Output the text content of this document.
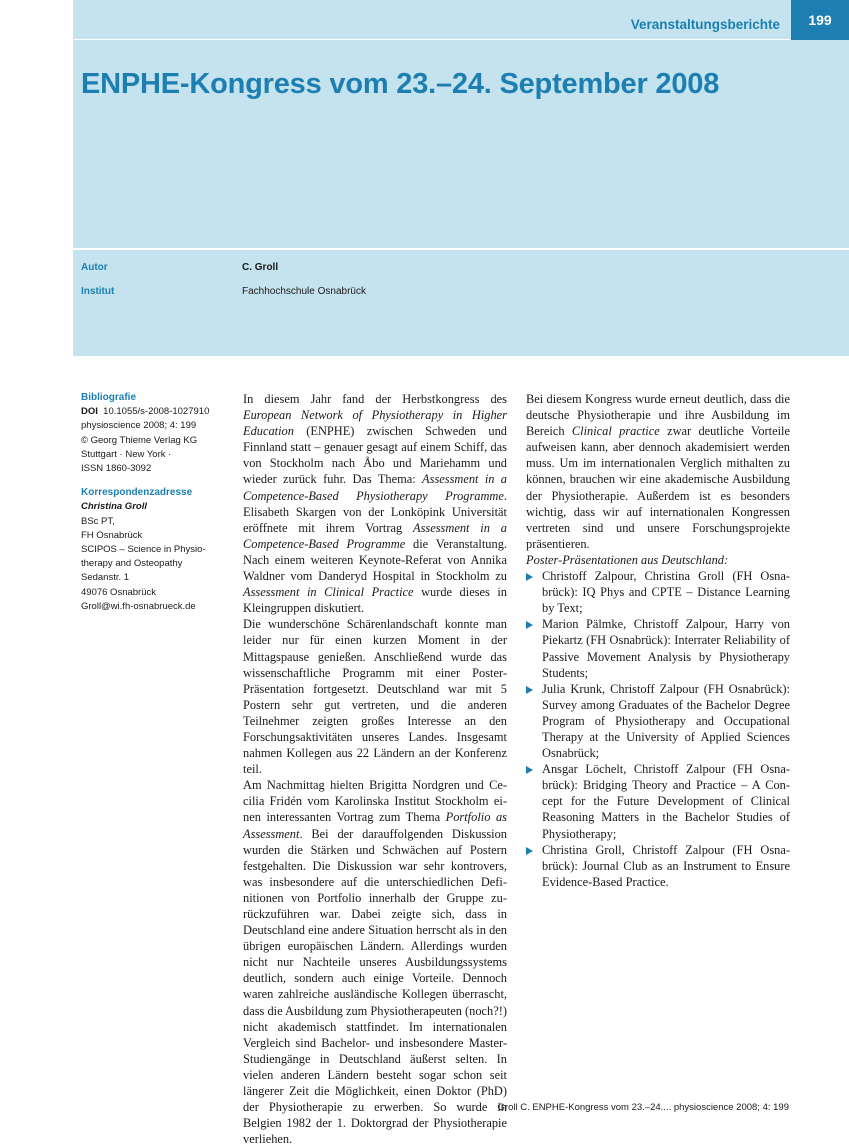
Veranstaltungsberichte	199
ENPHE-Kongress vom 23.–24. September 2008
Autor	C. Groll
Institut	Fachhochschule Osnabrück
Bibliografie
DOI 10.1055/s-2008-1027910
physioscience 2008; 4: 199
© Georg Thieme Verlag KG
Stuttgart · New York ·
ISSN 1860-3092
Korrespondenzadresse
Christina Groll
BSc PT,
FH Osnabrück
SCIPOS – Science in Physio-
therapy and Osteopathy
Sedanstr. 1
49076 Osnabrück
Groll@wi.fh-osnabrueck.de

In diesem Jahr fand der Herbstkongress des European Network of Physiotherapy in Higher Education (ENPHE) zwischen Schweden und Finnland statt – genauer gesagt auf einem Schiff, das von Stockholm nach Åbo und Mariehamm und wieder zurück fuhr. Das Thema: Assessment in a Competence-Based Physiotherapy Programme. Elisabeth Skargen von der Lonköpink Universität eröffnete mit ihrem Vortrag Assessment in a Competence-Based Programme die Veranstaltung. Nach einem weiteren Keynote-Referat von Annika Waldner vom Danderyd Hospital in Stockholm zu Assessment in Clinical Practice wurde dieses in Kleingruppen diskutiert.

Die wunderschöne Schärenlandschaft konnte man leider nur für einen kurzen Moment in der Mittagspause genießen. Anschließend wurde das wissenschaftliche Programm mit einer Poster-Präsentation fortgesetzt. Deutschland war mit 5 Postern sehr gut vertreten, und die anderen Teilnehmer zeigten großes Interesse an den Forschungsaktivitäten unseres Landes. Insgesamt nahmen Kollegen aus 22 Ländern an der Konferenz teil.

Am Nachmittag hielten Brigitta Nordgren und Cecilia Fridén vom Karolinska Institut Stockholm einen interessanten Vortrag zum Thema Portfolio as Assessment. Bei der darauffolgenden Diskussion wurden die Stärken und Schwächen auf Postern festgehalten. Die Diskussion war sehr kontrovers, was insbesondere auf die unterschiedlichen Definitionen von Portfolio innerhalb der Gruppe zurückzuführen war. Dabei zeigte sich, dass in Deutschland eine andere Situation herrscht als in den übrigen europäischen Ländern. Allerdings wurden nicht nur Nachteile unseres Ausbildungssystems deutlich, sondern auch einige Vorteile. Dennoch waren zahlreiche ausländische Kollegen überrascht, dass die Ausbildung zum Physiotherapeuten (noch?!) nicht akademisch stattfindet. Im internationalen Vergleich sind Bachelor- und insbesondere Master-Studiengänge in Deutschland äußerst selten. In vielen anderen Ländern besteht sogar schon seit längerer Zeit die Möglichkeit, einen Doktor (PhD) der Physiotherapie zu erwerben. So wurde in Belgien 1982 der 1. Doktorgrad der Physiotherapie verliehen.

Bei diesem Kongress wurde erneut deutlich, dass die deutsche Physiotherapie und ihre Ausbildung im Bereich Clinical practice zwar deutliche Vorteile aufweisen kann, aber dennoch akademisiert werden muss. Um im internationalen Verglich mithalten zu können, brauchen wir eine akademische Ausbildung der Physiotherapie. Außerdem ist es besonders wichtig, dass wir auf internationalen Kongressen vertreten sind und unsere Forschungsprojekte präsentieren.

Poster-Präsentationen aus Deutschland:

Christoff Zalpour, Christina Groll (FH Osnabrück): IQ Phys and CPTE – Distance Learning by Text;
Marion Pälmke, Christoff Zalpour, Harry von Piekartz (FH Osnabrück): Interrater Reliability of Passive Movement Analysis by Physiotherapy Students;
Julia Krunk, Christoff Zalpour (FH Osnabrück): Survey among Graduates of the Bachelor Degree Program of Physiotherapy and Occupational Therapy at the University of Applied Sciences Osnabrück;
Ansgar Löchelt, Christoff Zalpour (FH Osnabrück): Bridging Theory and Practice – A Concept for the Future Development of Clinical Reasoning Matters in the Bachelor Studies of Physiotherapy;
Christina Groll, Christoff Zalpour (FH Osnabrück): Journal Club as an Instrument to Ensure Evidence-Based Practice.
Groll C. ENPHE-Kongress vom 23.–24.... physioscience 2008; 4: 199
